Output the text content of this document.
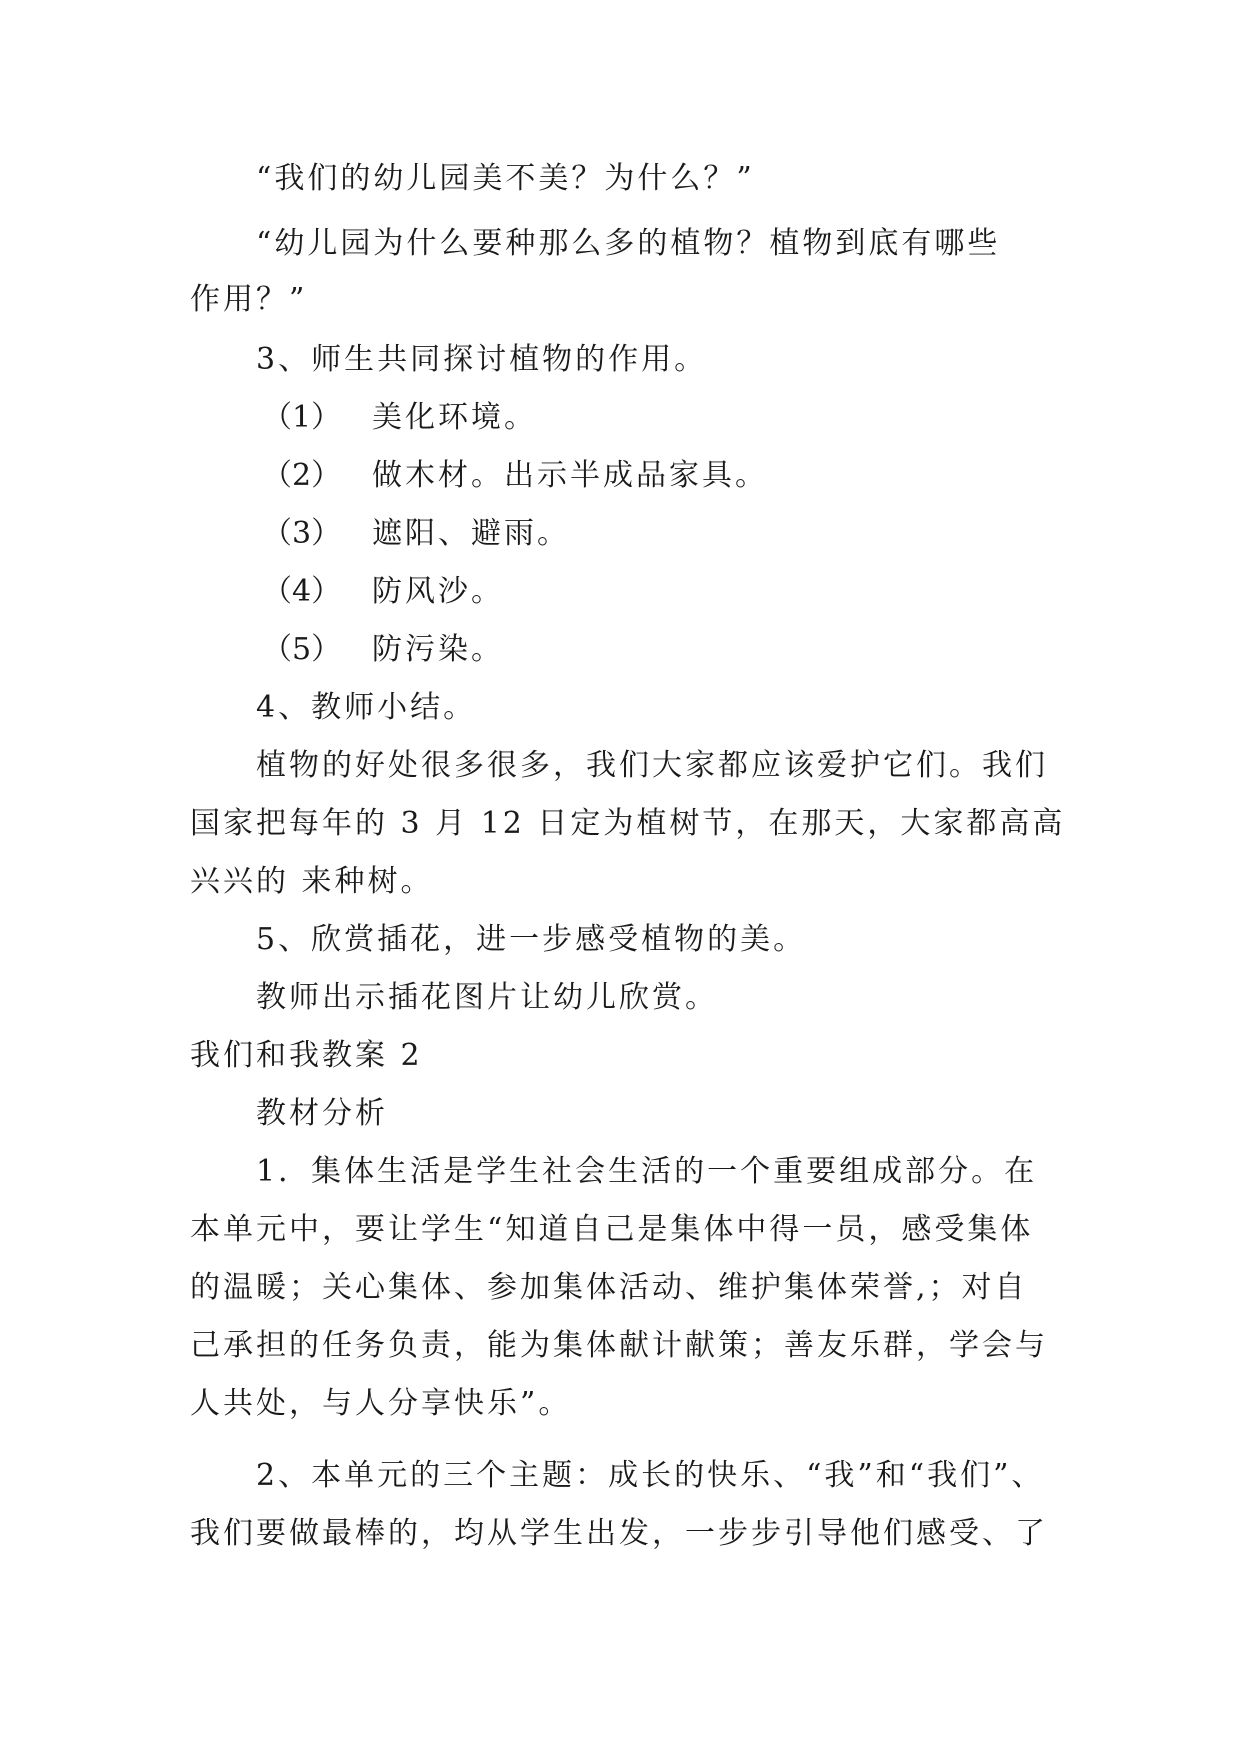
“我们的幼儿园美不美？为什么？”
“幼儿园为什么要种那么多的植物？植物到底有哪些
作用？”
3、师生共同探讨植物的作用。
（1） 美化环境。
（2） 做木材。出示半成品家具。
（3） 遮阳、避雨。
（4） 防风沙。
（5） 防污染。
4、教师小结。
植物的好处很多很多，我们大家都应该爱护它们。我们
国家把每年的 3 月 12 日定为植树节，在那天，大家都高高
兴兴的 来种树。
5、欣赏插花，进一步感受植物的美。
教师出示插花图片让幼儿欣赏。
我们和我教案 2
教材分析
1．集体生活是学生社会生活的一个重要组成部分。在
本单元中，要让学生“知道自己是集体中得一员，感受集体
的温暖；关心集体、参加集体活动、维护集体荣誉,；对自
己承担的任务负责，能为集体献计献策；善友乐群，学会与
人共处，与人分享快乐”。
2、本单元的三个主题：成长的快乐、“我”和“我们”、
我们要做最棒的，均从学生出发，一步步引导他们感受、了
